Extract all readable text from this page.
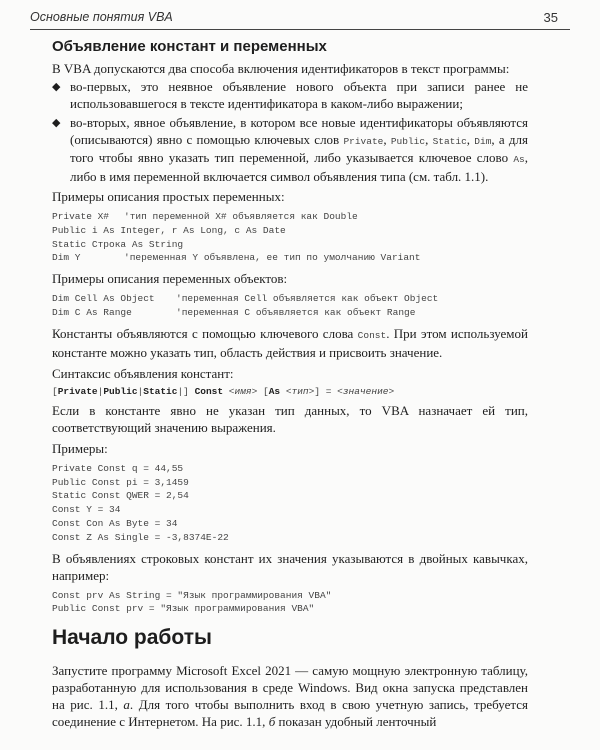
Основные понятия VBA	35
Объявление констант и переменных

В VBA допускаются два способа включения идентификаторов в текст программы:

◆ во-первых, это неявное объявление нового объекта при записи ранее не использовавшегося в тексте идентификатора в каком-либо выражении;
◆ во-вторых, явное объявление, в котором все новые идентификаторы объявляются (описываются) явно с помощью ключевых слов Private, Public, Static, Dim, а для того чтобы явно указать тип переменной, либо указывается ключевое слово As, либо в имя переменной включается символ объявления типа (см. табл. 1.1).

Примеры описания простых переменных:

Private X#	'тип переменной X# объявляется как Double
Public i As Integer, r As Long, c As Date
Static Строка As String
Dim Y	'переменная Y объявлена, ее тип по умолчанию Variant

Примеры описания переменных объектов:

Dim Cell As Object	'переменная Cell объявляется как объект Object
Dim C As Range	'переменная C объявляется как объект Range

Константы объявляются с помощью ключевого слова Const. При этом используемой константе можно указать тип, область действия и присвоить значение.

Синтаксис объявления констант:

[Private|Public|Static|] Const <имя> [As <тип>] = <значение>

Если в константе явно не указан тип данных, то VBA назначает ей тип, соответствующий значению выражения.

Примеры:

Private Const q = 44,55
Public Const pi = 3,1459
Static Const QWER = 2,54
Const Y = 34
Const Con As Byte = 34
Const Z As Single = -3,8374E-22

В объявлениях строковых констант их значения указываются в двойных кавычках, например:

Const prv As String = "Язык программирования VBA"
Public Const prv = "Язык программирования VBA"
Начало работы

Запустите программу Microsoft Excel 2021 — самую мощную электронную таблицу, разработанную для использования в среде Windows. Вид окна запуска представлен на рис. 1.1, а. Для того чтобы выполнить вход в свою учетную запись, требуется соединение с Интернетом. На рис. 1.1, б показан удобный ленточный
